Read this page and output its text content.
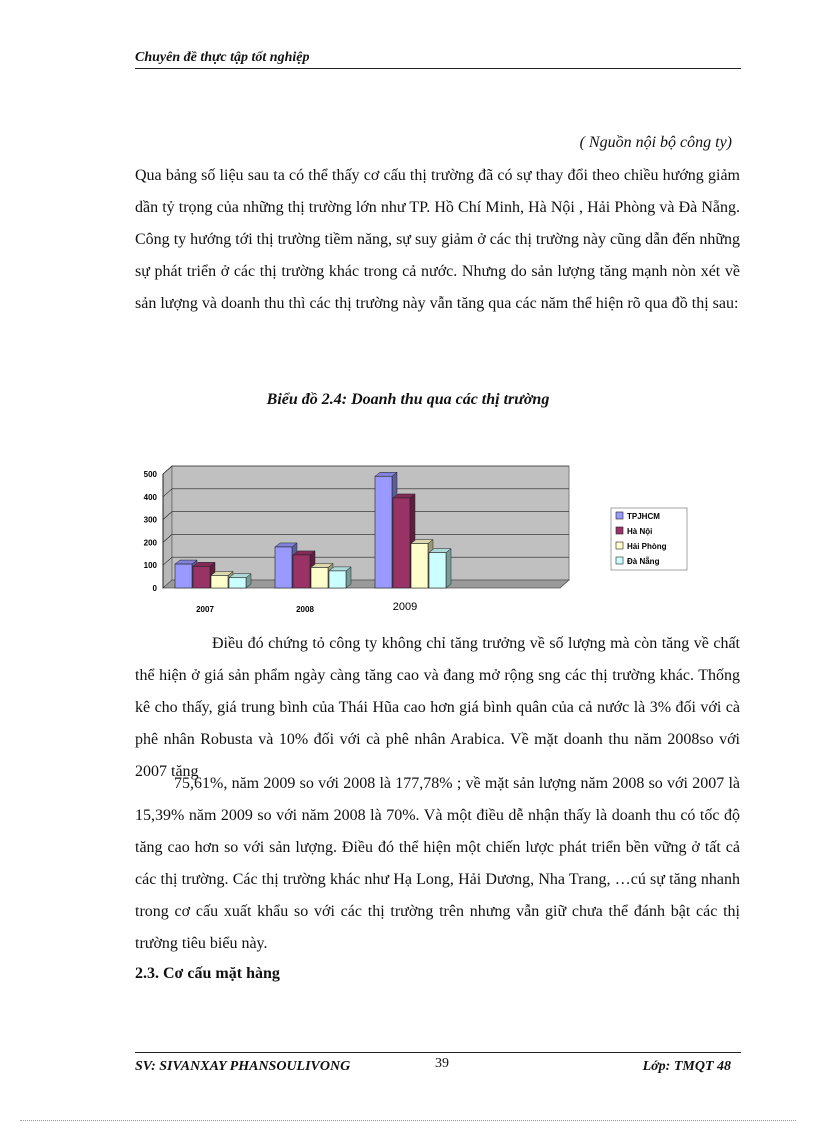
Chuyên đề thực tập tốt nghiệp
( Nguồn nội bộ công ty)

Qua bảng số liệu sau ta có thể thấy cơ cấu thị trường đã có sự thay đổi theo chiều hướng giảm dần tỷ trọng của những thị trường lớn như TP. Hồ Chí Minh, Hà Nội , Hải Phòng và Đà Nẵng. Công ty hướng tới thị trường tiềm năng, sự suy giảm ở các thị trường này cũng dẫn đến những sự phát triển ở các thị trường khác trong cả nước. Nhưng do sản lượng tăng mạnh nòn xét về sản lượng và doanh thu thì các thị trường này vẫn tăng qua các năm thể hiện rõ qua đồ thị sau:

Biểu đồ 2.4: Doanh thu qua các thị trường
0
100
200
300
400
500
2007	2008	2009
TPJHCM
Hà Nội
Hải Phòng
Đà Nẵng

Điều đó chứng tỏ công ty không chỉ tăng trưởng về số lượng mà còn tăng về chất thể hiện ở giá sản phẩm ngày càng tăng cao và đang mở rộng sng các thị trường khác. Thống kê cho thấy, giá trung bình của Thái Hũa cao hơn giá bình quân của cả nước là 3% đối với cà phê nhân Robusta và 10% đối với cà phê nhân Arabica. Về mặt doanh thu năm 2008so với 2007 tăng

75,61%, năm 2009 so với 2008 là 177,78% ; về mặt sản lượng năm 2008 so với 2007 là 15,39% năm 2009 so với năm 2008 là 70%. Và một điều dễ nhận thấy là doanh thu có tốc độ tăng cao hơn so với sản lượng. Điều đó thể hiện một chiến lược phát triển bền vững ở tất cả các thị trường. Các thị trường khác như Hạ Long, Hải Dương, Nha Trang, …cú sự tăng nhanh trong cơ cấu xuất khẩu so với các thị trường trên nhưng vẫn giữ chưa thể đánh bật các thị trường tiêu biểu này.

2.3. Cơ cấu mặt hàng
SV: SIVANXAY PHANSOULIVONG	39	Lớp: TMQT 48
